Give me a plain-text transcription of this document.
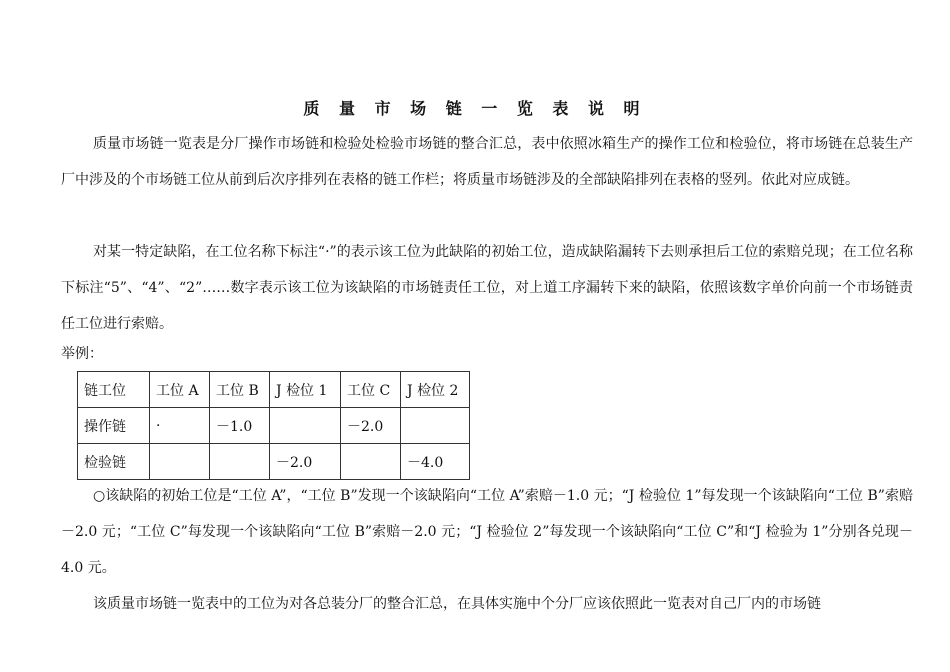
质 量 市 场 链 一 览 表 说 明

质量市场链一览表是分厂操作市场链和检验处检验市场链的整合汇总，表中依照冰箱生产的操作工位和检验位，将市场链在总装生产厂中涉及的个市场链工位从前到后次序排列在表格的链工作栏；将质量市场链涉及的全部缺陷排列在表格的竖列。依此对应成链。

对某一特定缺陷，在工位名称下标注“·”的表示该工位为此缺陷的初始工位，造成缺陷漏转下去则承担后工位的索赔兑现；在工位名称下标注“5”、“4”、“2”……数字表示该工位为该缺陷的市场链责任工位，对上道工序漏转下来的缺陷，依照该数字单价向前一个市场链责任工位进行索赔。

举例：
链工位	工位 A	工位 B	J 检位 1	工位 C	J 检位 2
操作链	·	－1.0		－2.0	
检验链			－2.0		－4.0

○该缺陷的初始工位是“工位 A”，“工位 B”发现一个该缺陷向“工位 A”索赔－1.0 元；“J 检验位 1”每发现一个该缺陷向“工位 B”索赔－2.0 元；“工位 C”每发现一个该缺陷向“工位 B”索赔－2.0 元；“J 检验位 2”每发现一个该缺陷向“工位 C”和“J 检验为 1”分别各兑现－4.0 元。

该质量市场链一览表中的工位为对各总装分厂的整合汇总，在具体实施中个分厂应该依照此一览表对自己厂内的市场链
